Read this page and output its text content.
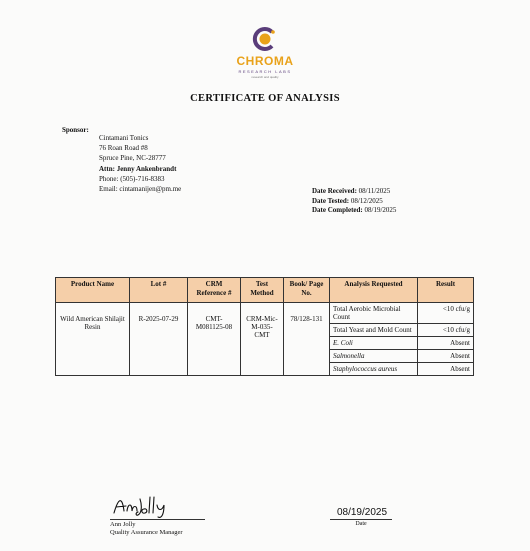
CHROMA
RESEARCH LABS
research and quality
CERTIFICATE OF ANALYSIS
Sponsor:
Cintamani Tonics
76 Roan Road #8
Spruce Pine, NC-28777
Attn: Jenny Ankenbrandt
Phone: (505)-716-8383
Email: cintamanijen@pm.me	Date Received: 08/11/2025
Date Tested: 08/12/2025
Date Completed: 08/19/2025
Product Name	Lot #	CRM Reference #	Test Method	Book/ Page No.	Analysis Requested	Result
Wild American Shilajit Resin	R-2025-07-29	CMT-M081125-08	CRM-Mic-M-035-CMT	78/128-131	Total Aerobic Microbial Count	<10 cfu/g
					Total Yeast and Mold Count	<10 cfu/g
					E. Coli	Absent
					Salmonella	Absent
					Staphylococcus aureus	Absent
Ann Jolly
Quality Assurance Manager
08/19/2025
Date
